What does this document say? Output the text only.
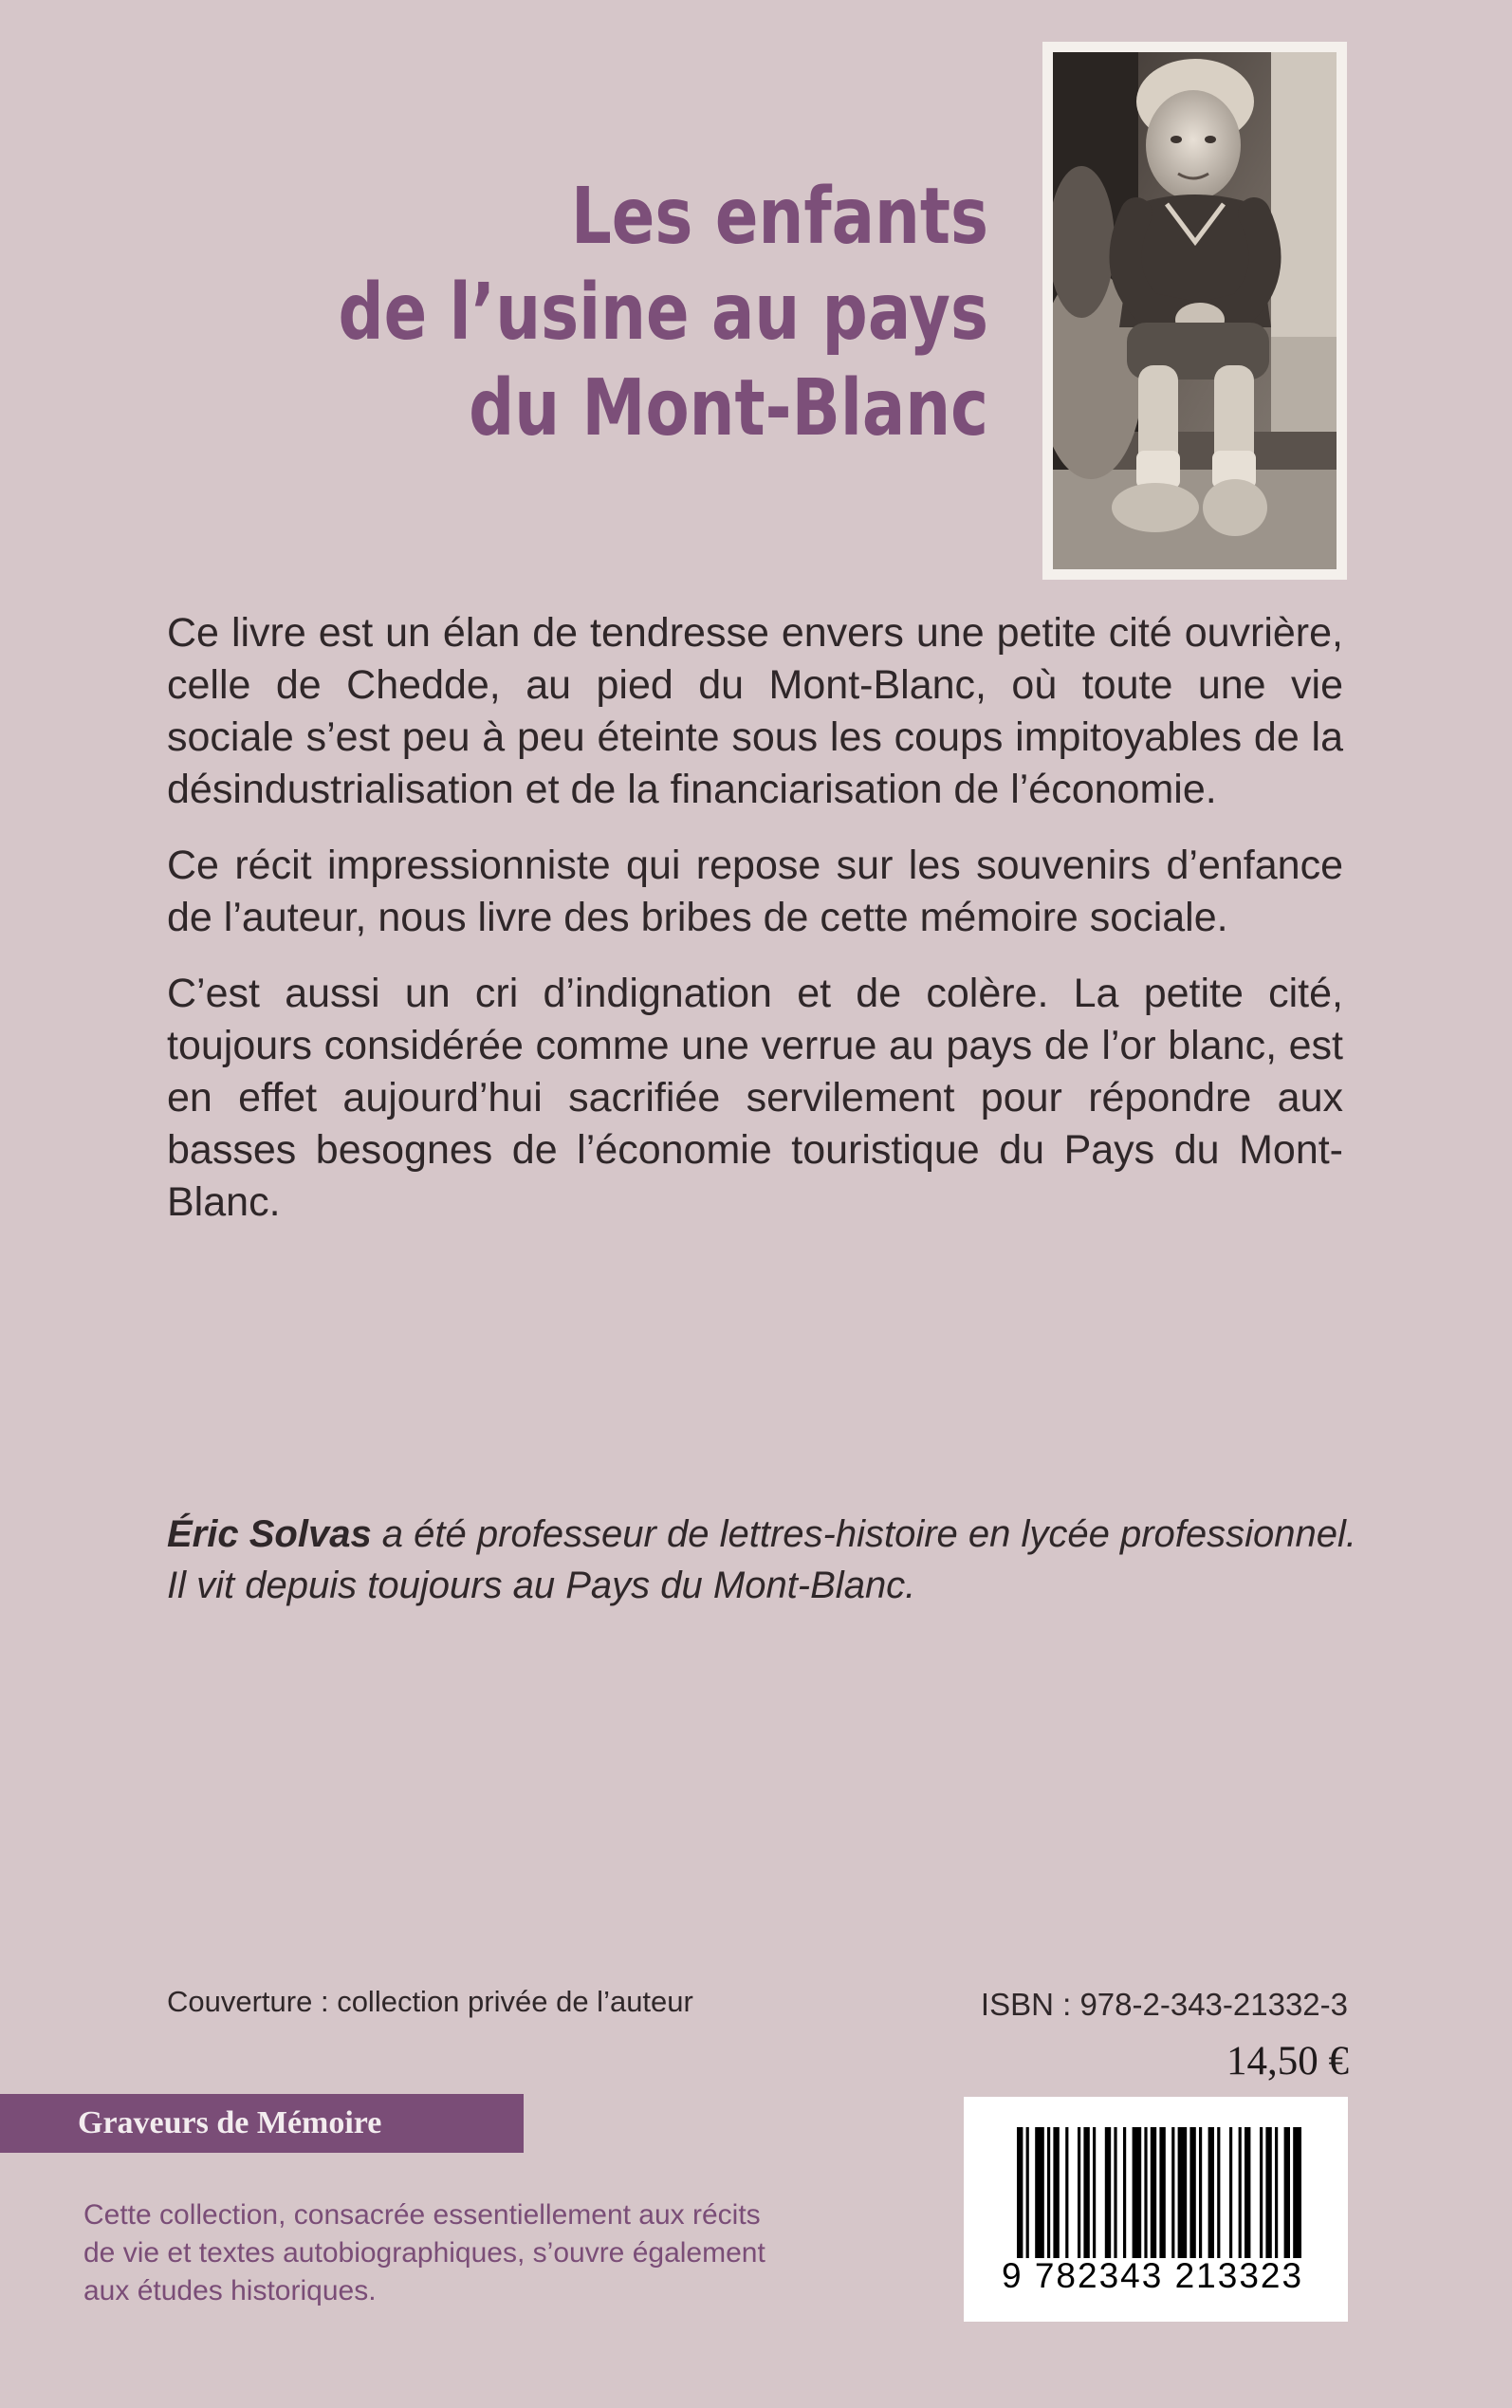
Les enfants
de l’usine au pays
du Mont-Blanc

Ce livre est un élan de tendresse envers une petite cité ouvrière, celle de Chedde, au pied du Mont-Blanc, où toute une vie sociale s’est peu à peu éteinte sous les coups impitoyables de la désindustrialisation et de la financiarisation de l’économie.

Ce récit impressionniste qui repose sur les souvenirs d’enfance de l’auteur, nous livre des bribes de cette mémoire sociale.

C’est aussi un cri d’indignation et de colère. La petite cité, toujours considérée comme une verrue au pays de l’or blanc, est en effet aujourd’hui sacrifiée servilement pour répondre aux basses besognes de l’économie touristique du Pays du Mont-Blanc.

Éric Solvas a été professeur de lettres-histoire en lycée professionnel.
Il vit depuis toujours au Pays du Mont-Blanc.
Couverture : collection privée de l’auteur	ISBN : 978-2-343-21332-3
14,50 €
Graveurs de Mémoire
Cette collection, consacrée essentiellement aux récits
de vie et textes autobiographiques, s’ouvre également
aux études historiques.	9 782343 213323
